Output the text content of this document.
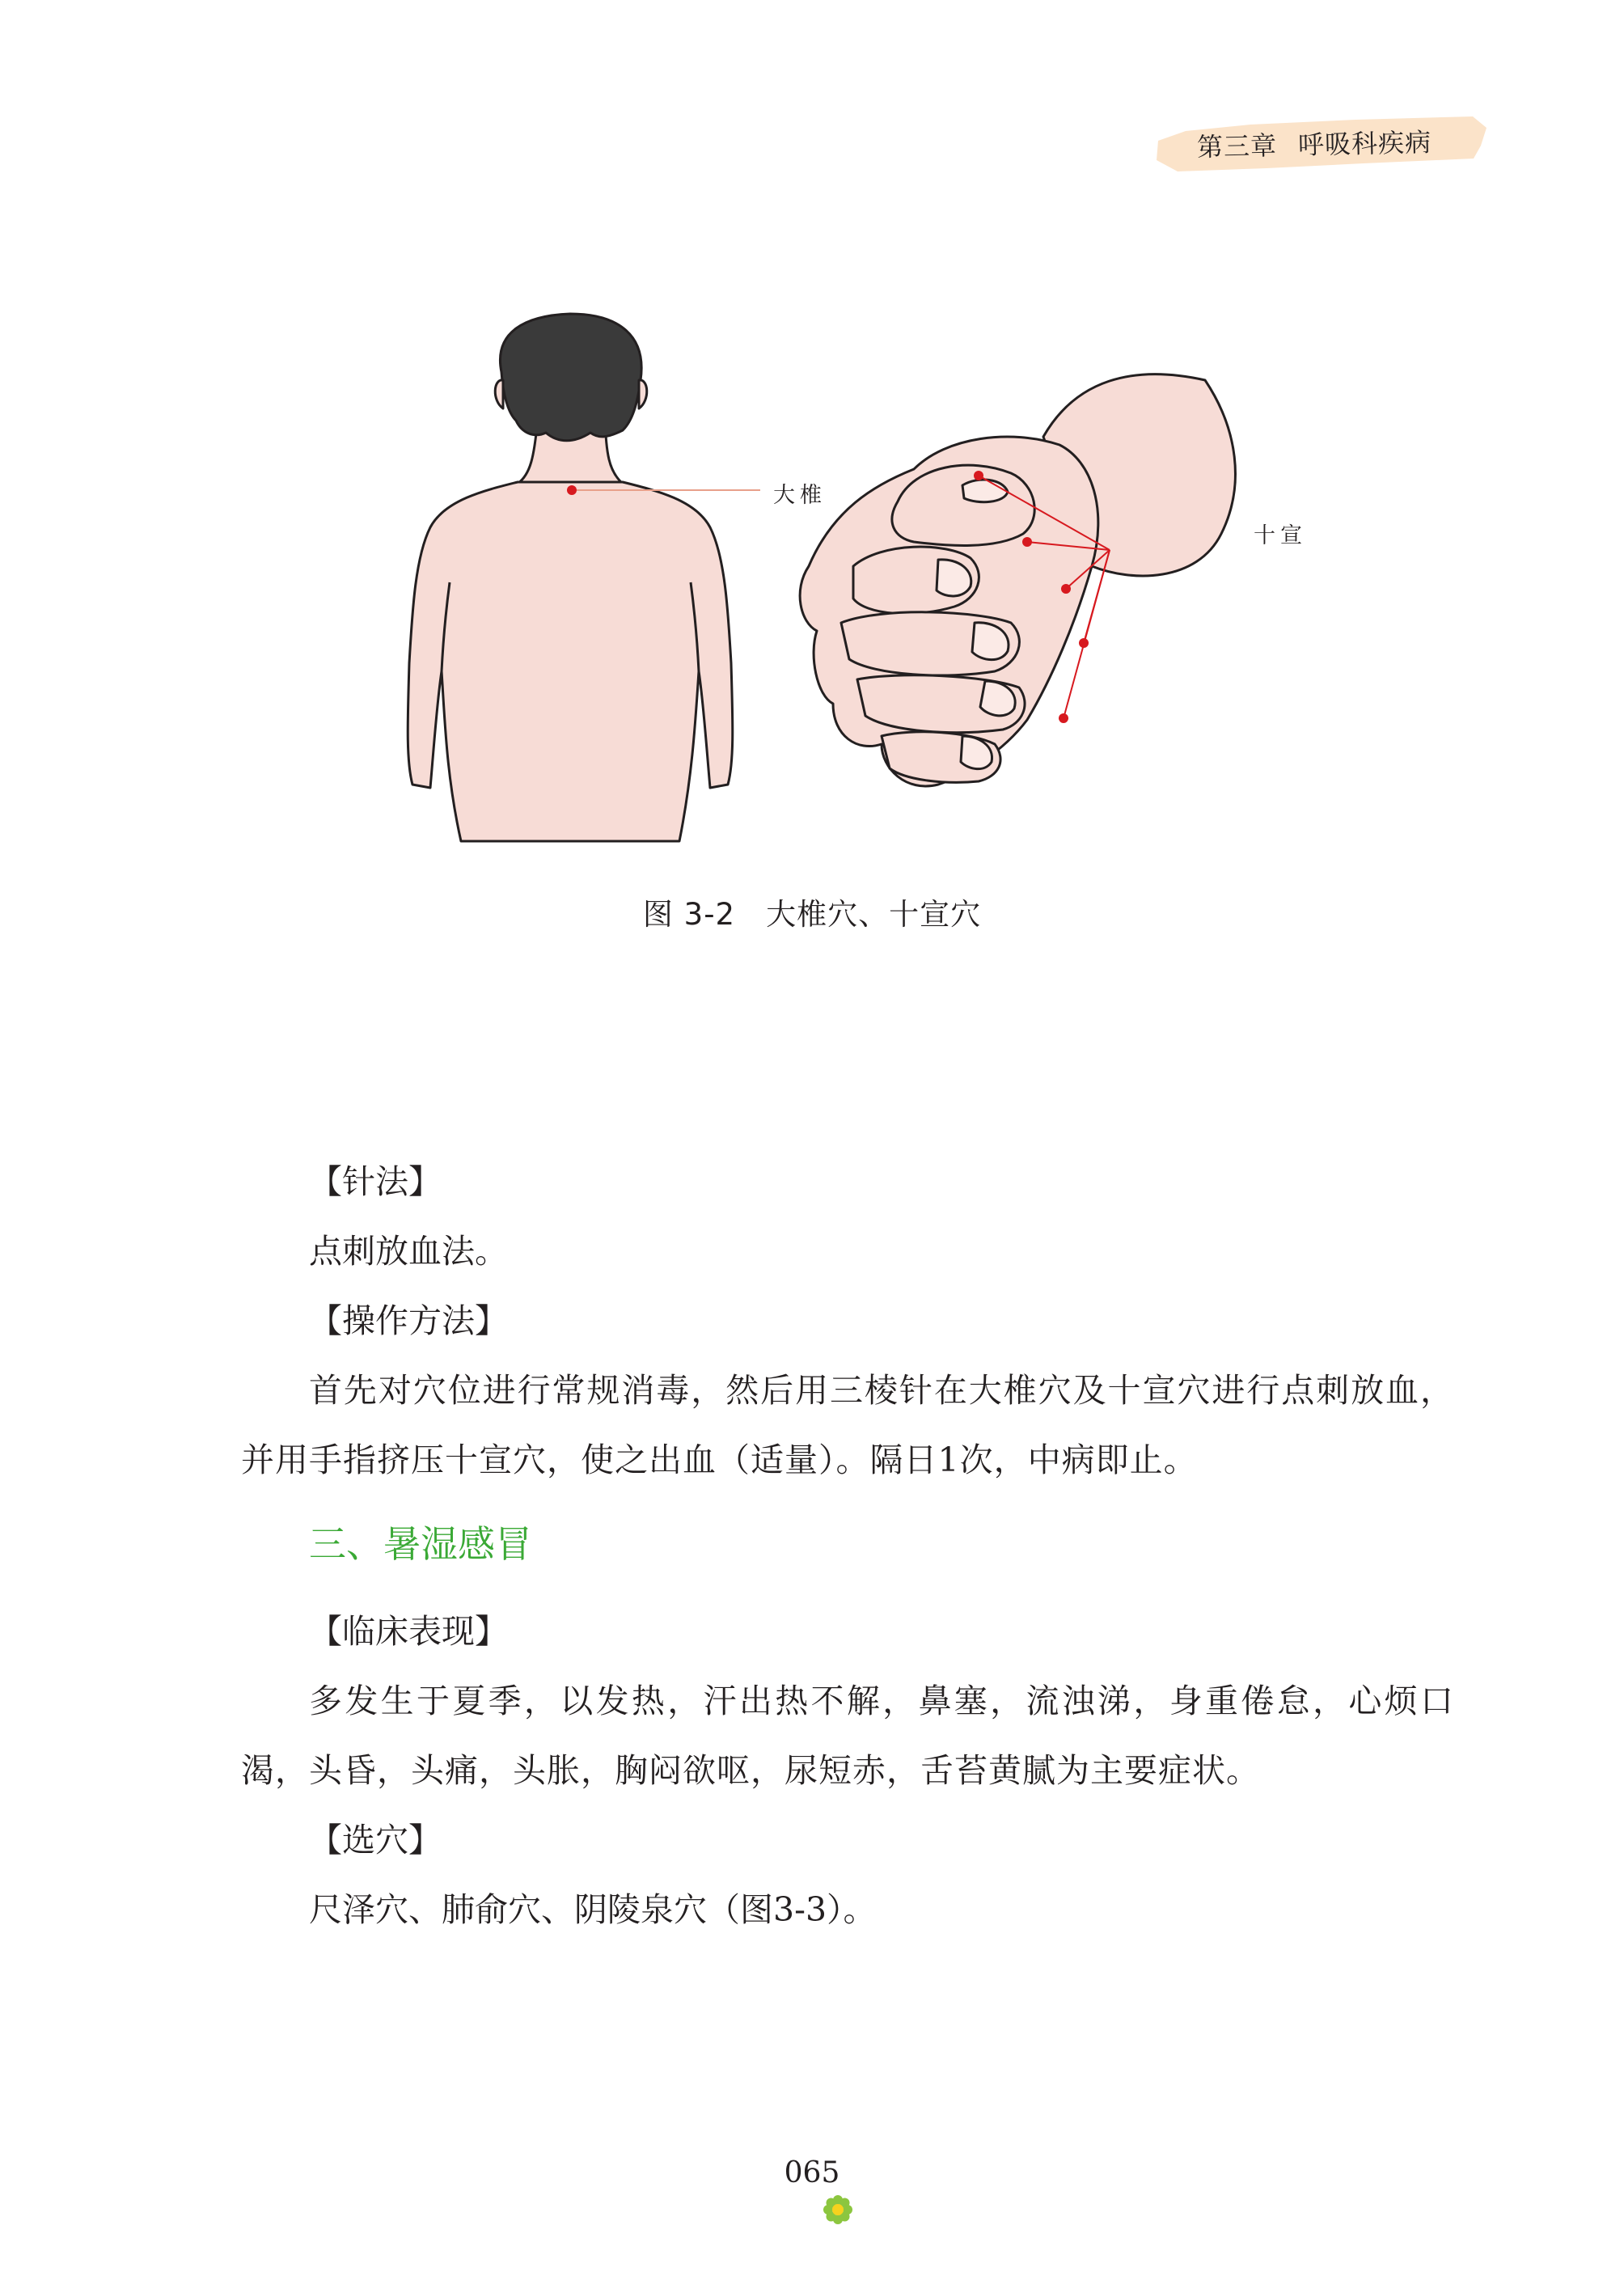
第三章 呼吸科疾病
大椎
十宣
图 3-2 大椎穴、十宣穴

【针法】

点刺放血法。

【操作方法】

首先对穴位进行常规消毒，然后用三棱针在大椎穴及十宣穴进行点刺放血，并用手指挤压十宣穴，使之出血（适量）。隔日1次，中病即止。

三、暑湿感冒

【临床表现】

多发生于夏季，以发热，汗出热不解，鼻塞，流浊涕，身重倦怠，心烦口渴，头昏，头痛，头胀，胸闷欲呕，尿短赤，舌苔黄腻为主要症状。

【选穴】

尺泽穴、肺俞穴、阴陵泉穴（图3-3）。

065
